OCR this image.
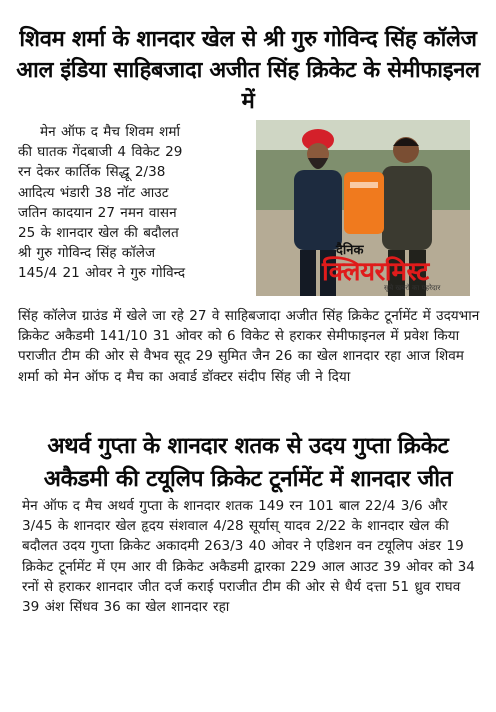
शिवम शर्मा के शानदार खेल से श्री गुरु गोविन्द सिंह कॉलेज आल इंडिया साहिबजादा अजीत सिंह क्रिकेट के सेमीफाइनल में
मेन ऑफ द मैच शिवम शर्मा
की घातक गेंदबाजी 4 विकेट 29
रन देकर कार्तिक सिद्धू 2/38
आदित्य भंडारी 38 नॉट आउट
जतिन कादयान 27 नमन वासन
25 के शानदार खेल की बदौलत
श्री गुरु गोविन्द सिंह कॉलेज
145/4 21 ओवर ने गुरु गोविन्द
दैनिक
क्लियरमिस्ट
सूचे खबरों का पहरेदार
सिंह कॉलेज ग्राउंड में खेले जा रहे 27 वे साहिबजादा अजीत सिंह क्रिकेट टूर्नामेंट में उदयभान क्रिकेट अकैडमी 141/10 31 ओवर को 6 विकेट से हराकर सेमीफाइनल में प्रवेश किया पराजीत टीम की ओर से वैभव सूद 29 सुमित जैन 26 का खेल शानदार रहा आज शिवम शर्मा को मेन ऑफ द मैच का अवार्ड डॉक्टर संदीप सिंह जी ने दिया
अथर्व गुप्ता के शानदार शतक से उदय गुप्ता क्रिकेट अकैडमी की टयूलिप क्रिकेट टूर्नामेंट में शानदार जीत
मेन ऑफ द मैच अथर्व गुप्ता के शानदार शतक 149 रन 101 बाल 22/4 3/6 और 3/45 के शानदार खेल हृदय संशवाल 4/28 सूर्यास् यादव 2/22 के शानदार खेल की बदौलत उदय गुप्ता क्रिकेट अकादमी 263/3 40 ओवर ने एडिशन वन टयूलिप अंडर 19 क्रिकेट टूर्नामेंट में एम आर वी क्रिकेट अकैडमी द्वारका 229 आल आउट 39 ओवर को 34 रनों से हराकर शानदार जीत दर्ज कराई पराजीत टीम की ओर से धैर्य दत्ता 51 ध्रुव राघव 39 अंश सिंधव 36 का खेल शानदार रहा
